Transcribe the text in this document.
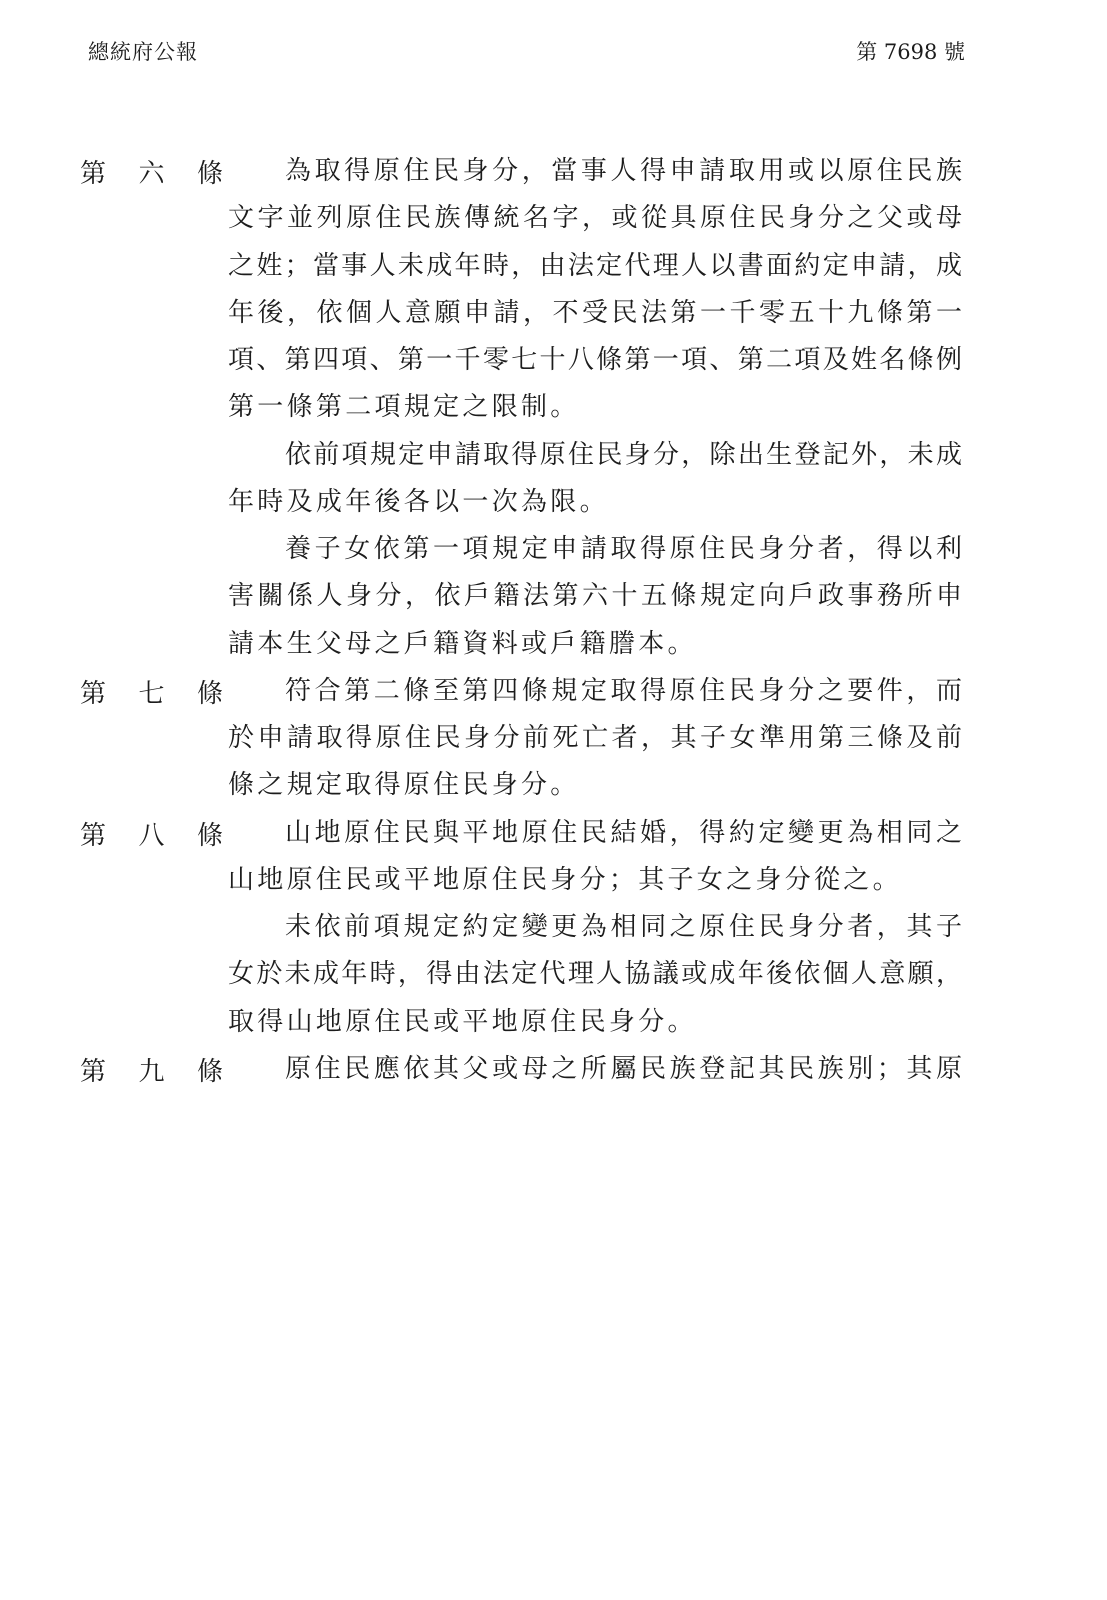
總統府公報	第 7698 號
第 六 條	為取得原住民身分，當事人得申請取用或以原住民族
文字並列原住民族傳統名字，或從具原住民身分之父或母
之姓；當事人未成年時，由法定代理人以書面約定申請，成
年後，依個人意願申請，不受民法第一千零五十九條第一
項、第四項、第一千零七十八條第一項、第二項及姓名條例
第一條第二項規定之限制。
依前項規定申請取得原住民身分，除出生登記外，未成
年時及成年後各以一次為限。
養子女依第一項規定申請取得原住民身分者，得以利
害關係人身分，依戶籍法第六十五條規定向戶政事務所申
請本生父母之戶籍資料或戶籍謄本。
第 七 條	符合第二條至第四條規定取得原住民身分之要件，而
於申請取得原住民身分前死亡者，其子女準用第三條及前
條之規定取得原住民身分。
第 八 條	山地原住民與平地原住民結婚，得約定變更為相同之
山地原住民或平地原住民身分；其子女之身分從之。
未依前項規定約定變更為相同之原住民身分者，其子
女於未成年時，得由法定代理人協議或成年後依個人意願，
取得山地原住民或平地原住民身分。
第 九 條	原住民應依其父或母之所屬民族登記其民族別；其原
